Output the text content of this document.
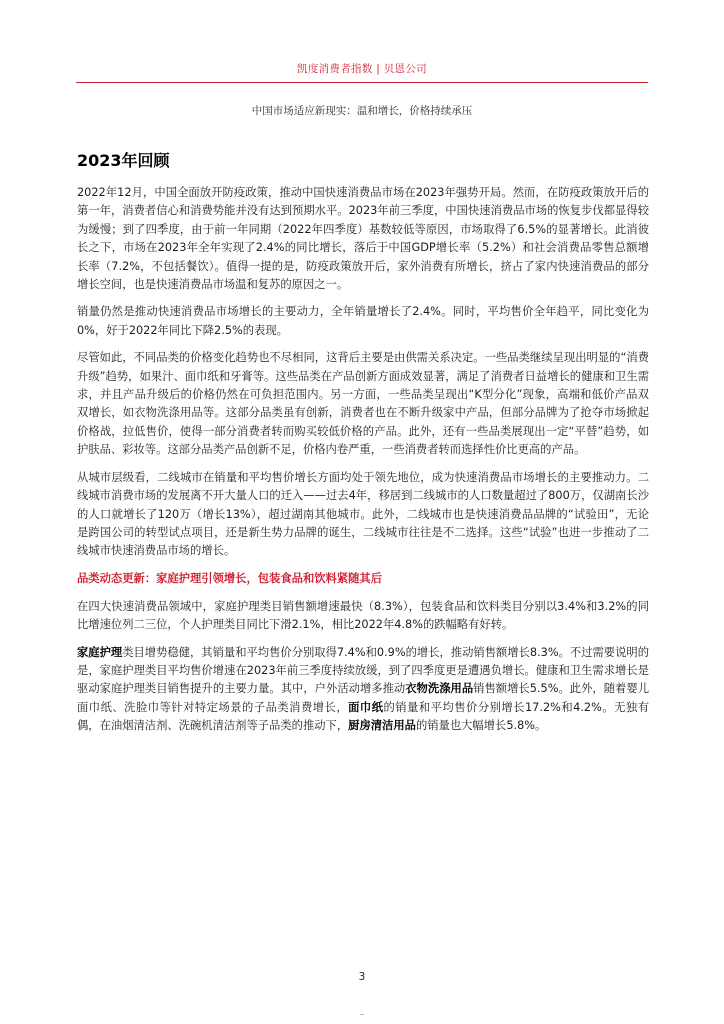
凯度消费者指数 | 贝恩公司
中国市场适应新现实：温和增长，价格持续承压
2023年回顾

2022年12月，中国全面放开防疫政策，推动中国快速消费品市场在2023年强势开局。然而，在防疫政策放开后的第一年，消费者信心和消费势能并没有达到预期水平。2023年前三季度，中国快速消费品市场的恢复步伐都显得较为缓慢；到了四季度，由于前一年同期（2022年四季度）基数较低等原因，市场取得了6.5%的显著增长。此消彼长之下，市场在2023年全年实现了2.4%的同比增长，落后于中国GDP增长率（5.2%）和社会消费品零售总额增长率（7.2%，不包括餐饮）。值得一提的是，防疫政策放开后，家外消费有所增长，挤占了家内快速消费品的部分增长空间，也是快速消费品市场温和复苏的原因之一。

销量仍然是推动快速消费品市场增长的主要动力，全年销量增长了2.4%。同时，平均售价全年趋平，同比变化为0%，好于2022年同比下降2.5%的表现。

尽管如此，不同品类的价格变化趋势也不尽相同，这背后主要是由供需关系决定。一些品类继续呈现出明显的“消费升级”趋势，如果汁、面巾纸和牙膏等。这些品类在产品创新方面成效显著，满足了消费者日益增长的健康和卫生需求，并且产品升级后的价格仍然在可负担范围内。另一方面，一些品类呈现出“K型分化”现象，高端和低价产品双双增长，如衣物洗涤用品等。这部分品类虽有创新，消费者也在不断升级家中产品，但部分品牌为了抢夺市场掀起价格战，拉低售价，使得一部分消费者转而购买较低价格的产品。此外，还有一些品类展现出一定“平替”趋势，如护肤品、彩妆等。这部分品类产品创新不足，价格内卷严重，一些消费者转而选择性价比更高的产品。

从城市层级看，二线城市在销量和平均售价增长方面均处于领先地位，成为快速消费品市场增长的主要推动力。二线城市消费市场的发展离不开大量人口的迁入——过去4年，移居到二线城市的人口数量超过了800万，仅湖南长沙的人口就增长了120万（增长13%），超过湖南其他城市。此外，二线城市也是快速消费品品牌的“试验田”，无论是跨国公司的转型试点项目，还是新生势力品牌的诞生，二线城市往往是不二选择。这些“试验”也进一步推动了二线城市快速消费品市场的增长。

品类动态更新：家庭护理引领增长，包装食品和饮料紧随其后

在四大快速消费品领域中，家庭护理类目销售额增速最快（8.3%），包装食品和饮料类目分别以3.4%和3.2%的同比增速位列二三位，个人护理类目同比下滑2.1%，相比2022年4.8%的跌幅略有好转。

家庭护理类目增势稳健，其销量和平均售价分别取得7.4%和0.9%的增长，推动销售额增长8.3%。不过需要说明的是，家庭护理类目平均售价增速在2023年前三季度持续放缓，到了四季度更是遭遇负增长。健康和卫生需求增长是驱动家庭护理类目销售提升的主要力量。其中，户外活动增多推动衣物洗涤用品销售额增长5.5%。此外，随着婴儿面巾纸、洗脸巾等针对特定场景的子品类消费增长，面巾纸的销量和平均售价分别增长17.2%和4.2%。无独有偶，在油烟清洁剂、洗碗机清洁剂等子品类的推动下，厨房清洁用品的销量也大幅增长5.8%。

3
